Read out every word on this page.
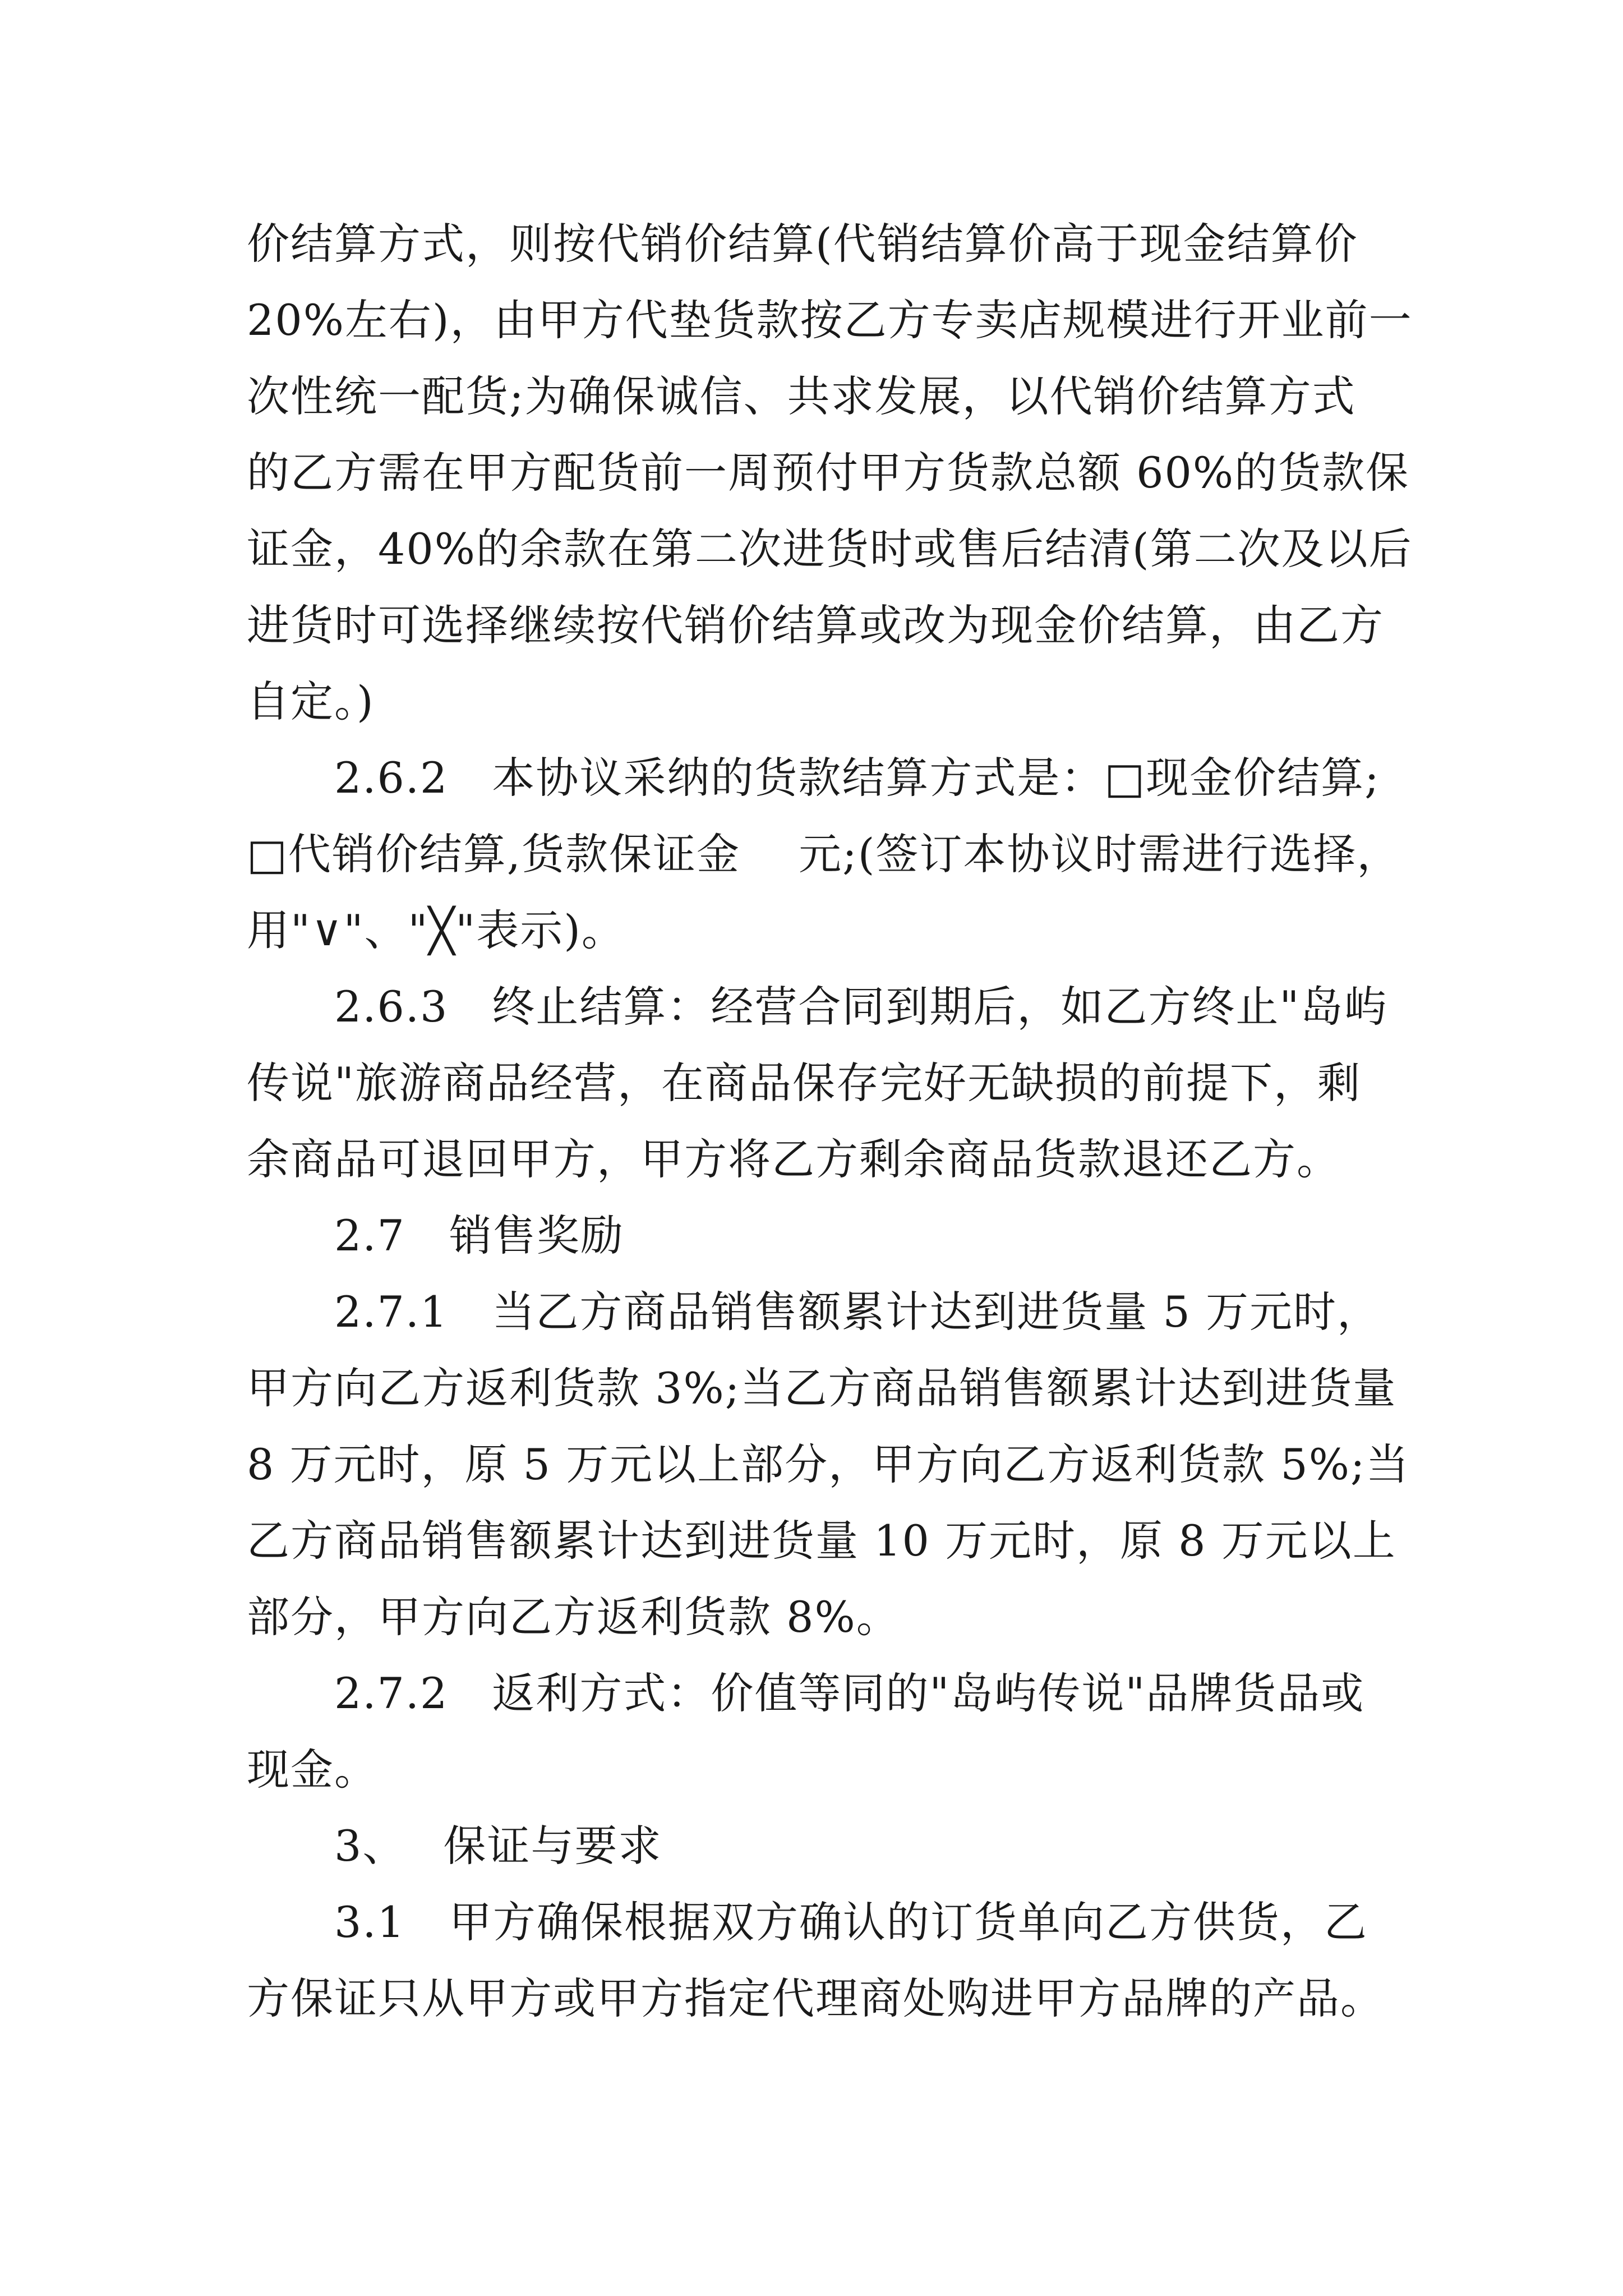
价结算方式，则按代销价结算(代销结算价高于现金结算价
20%左右)，由甲方代垫货款按乙方专卖店规模进行开业前一
次性统一配货;为确保诚信、共求发展，以代销价结算方式
的乙方需在甲方配货前一周预付甲方货款总额 60%的货款保
证金，40%的余款在第二次进货时或售后结清(第二次及以后
进货时可选择继续按代销价结算或改为现金价结算，由乙方
自定。)
2.6.2　本协议采纳的货款结算方式是：□现金价结算;
□代销价结算,货款保证金　 元;(签订本协议时需进行选择，
用"∨"、"╳"表示)。
2.6.3　终止结算：经营合同到期后，如乙方终止"岛屿
传说"旅游商品经营，在商品保存完好无缺损的前提下，剩
余商品可退回甲方，甲方将乙方剩余商品货款退还乙方。
2.7　销售奖励
2.7.1　当乙方商品销售额累计达到进货量 5 万元时，
甲方向乙方返利货款 3%;当乙方商品销售额累计达到进货量
8 万元时，原 5 万元以上部分，甲方向乙方返利货款 5%;当
乙方商品销售额累计达到进货量 10 万元时，原 8 万元以上
部分，甲方向乙方返利货款 8%。
2.7.2　返利方式：价值等同的"岛屿传说"品牌货品或
现金。
3、　 保证与要求
3.1　甲方确保根据双方确认的订货单向乙方供货，乙
方保证只从甲方或甲方指定代理商处购进甲方品牌的产品。
